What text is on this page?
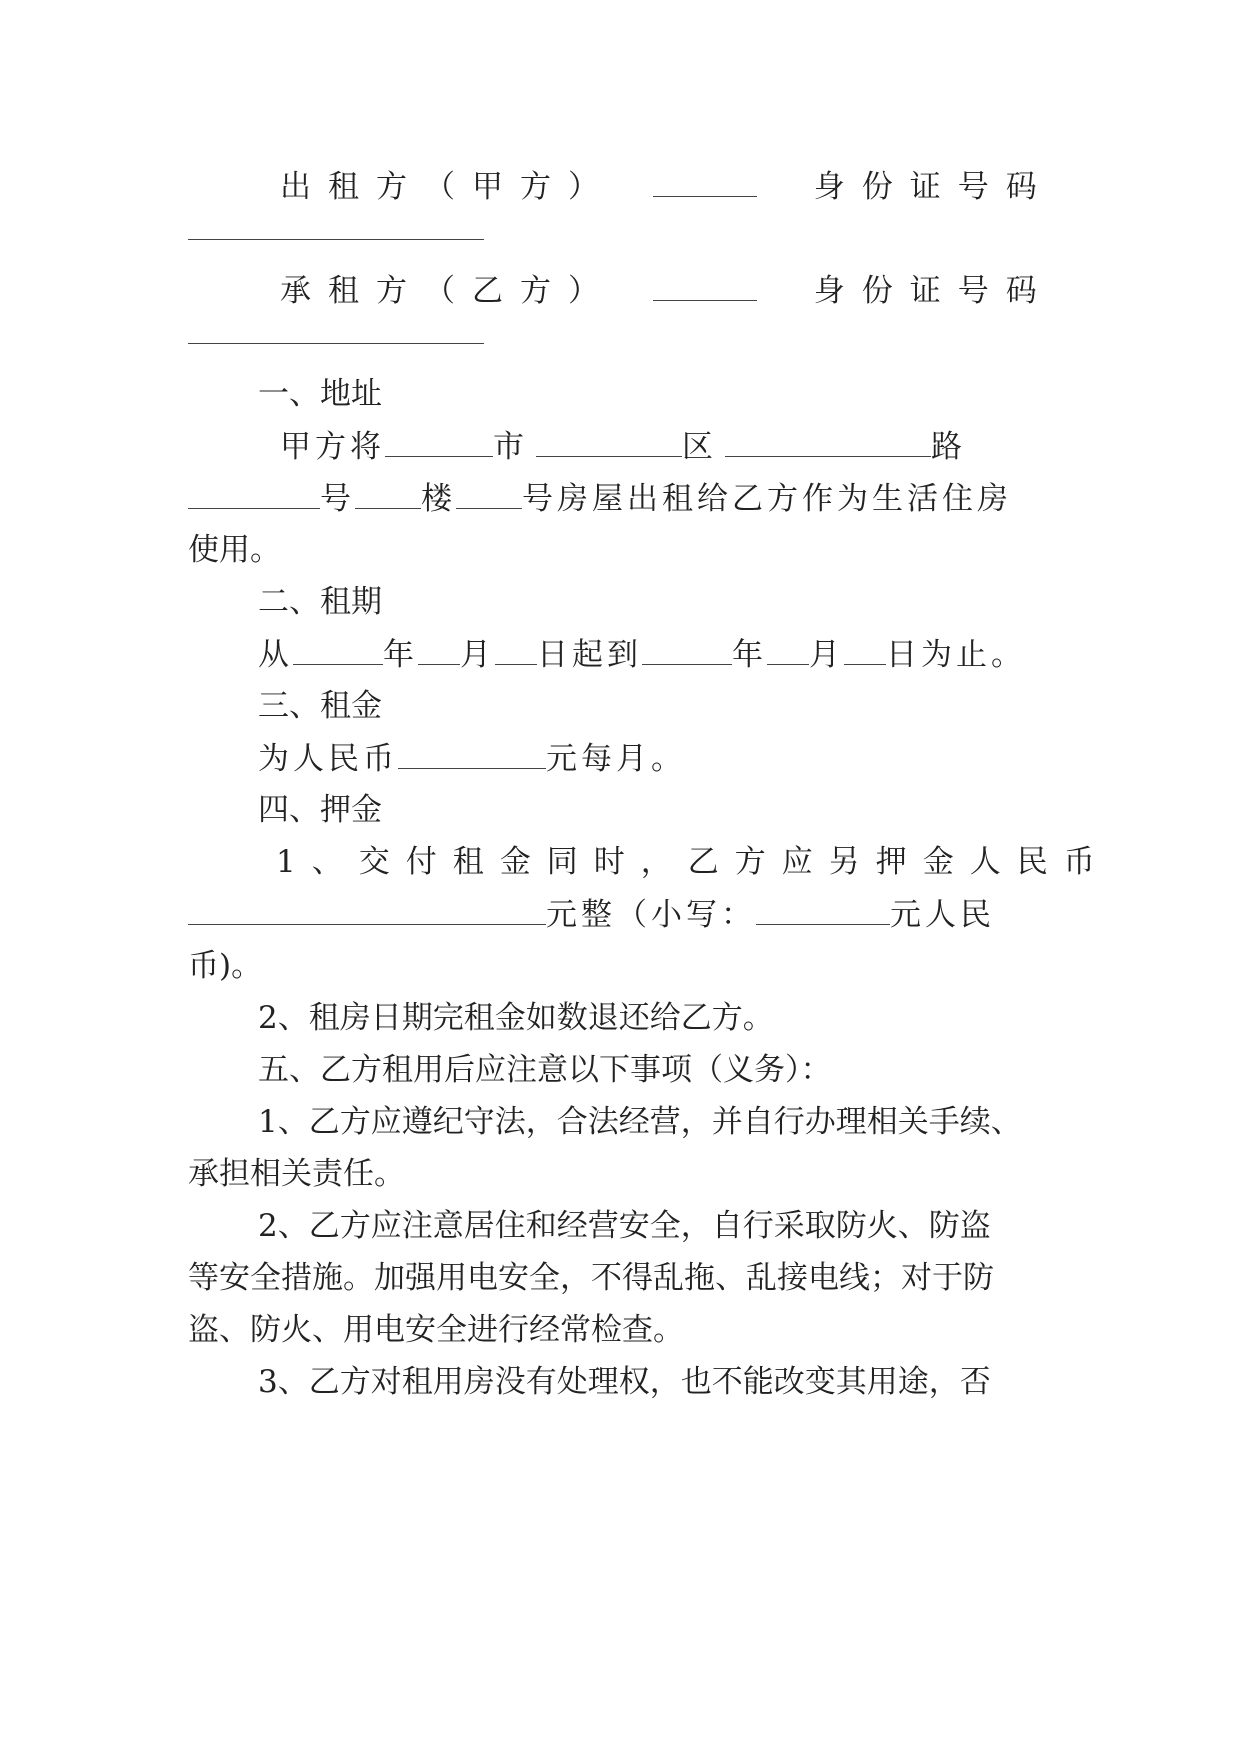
出租方（甲方）	身份证号码
承租方（乙方）	身份证号码
一、地址
甲方将	市	区	路
号 楼 号房屋出租给乙方作为生活住房
使用。
二、租期
从	年 月 日起到	年 月 日为止。
三、租金
为人民币	元每月。
四、押金
1、交付租金同时，乙方应另押金人民币
元整（小写：	元人民
币)。
2、租房日期完租金如数退还给乙方。
五、乙方租用后应注意以下事项（义务）：
1、乙方应遵纪守法，合法经营，并自行办理相关手续、
承担相关责任。
2、乙方应注意居住和经营安全，自行采取防火、防盗
等安全措施。加强用电安全，不得乱拖、乱接电线；对于防
盗、防火、用电安全进行经常检查。
3、乙方对租用房没有处理权，也不能改变其用途，否
